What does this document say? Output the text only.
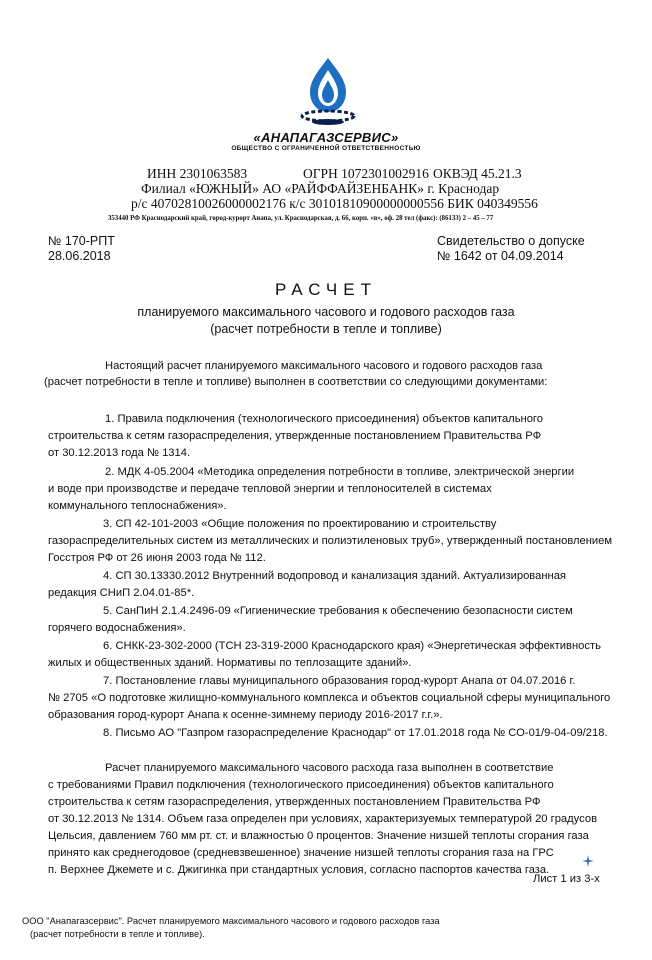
«АНАПАГАЗСЕРВИС»
ОБЩЕСТВО С ОГРАНИЧЕННОЙ ОТВЕТСТВЕННОСТЬЮ
ИНН 2301063583	ОГРН 1072301002916 ОКВЭД 45.21.3
Филиал «ЮЖНЫЙ» АО «РАЙФФАЙЗЕНБАНК» г. Краснодар
р/с 40702810026000002176 к/с 30101810900000000556 БИК 040349556
353440 РФ Краснодарский край, город-курорт Анапа, ул. Краснодарская, д. 66, корп. «в», оф. 28 тел (факс): (86133) 2 – 45 – 77
№ 170-РПТ
28.06.2018
Свидетельство о допуске
№ 1642 от 04.09.2014
РАСЧЕТ
планируемого максимального часового и годового расходов газа
(расчет потребности в тепле и топливе)
Настоящий расчет планируемого максимального часового и годового расходов газа
(расчет потребности в тепле и топливе) выполнен в соответствии со следующими документами:
1. Правила подключения (технологического присоединения) объектов капитального
строительства к сетям газораспределения, утвержденные постановлением Правительства РФ
от 30.12.2013 года № 1314.
2. МДК 4-05.2004 «Методика определения потребности в топливе, электрической энергии
и воде при производстве и передаче тепловой энергии и теплоносителей в системах
коммунального теплоснабжения».
3. СП 42-101-2003 «Общие положения по проектированию и строительству
газораспределительных систем из металлических и полиэтиленовых труб», утвержденный постановлением
Госстроя РФ от 26 июня 2003 года № 112.
4. СП 30.13330.2012 Внутренний водопровод и канализация зданий. Актуализированная
редакция СНиП 2.04.01-85*.
5. СанПиН 2.1.4.2496-09 «Гигиенические требования к обеспечению безопасности систем
горячего водоснабжения».
6. СНКК-23-302-2000 (ТСН 23-319-2000 Краснодарского края) «Энергетическая эффективность
жилых и общественных зданий. Нормативы по теплозащите зданий».
7. Постановление главы муниципального образования город-курорт Анапа от 04.07.2016 г.
№ 2705 «О подготовке жилищно-коммунального комплекса и объектов социальной сферы муниципального
образования город-курорт Анапа к осенне-зимнему периоду 2016-2017 г.г.».
8. Письмо АО "Газпром газораспределение Краснодар" от 17.01.2018 года № СО-01/9-04-09/218.
Расчет планируемого максимального часового расхода газа выполнен в соответствие
с требованиями Правил подключения (технологического присоединения) объектов капитального
строительства к сетям газораспределения, утвержденных постановлением Правительства РФ
от 30.12.2013 № 1314. Объем газа определен при условиях, характеризуемых температурой 20 градусов
Цельсия, давлением 760 мм рт. ст. и влажностью 0 процентов. Значение низшей теплоты сгорания газа
принято как среднегодовое (средневзвешенное) значение низшей теплоты сгорания газа на ГРС
п. Верхнее Джемете и с. Джигинка при стандартных условия, согласно паспортов качества газа.
Лист 1 из 3-х
ООО "Анапагазсервис". Расчет планируемого максимального часового и годового расходов газа
(расчет потребности в тепле и топливе).
